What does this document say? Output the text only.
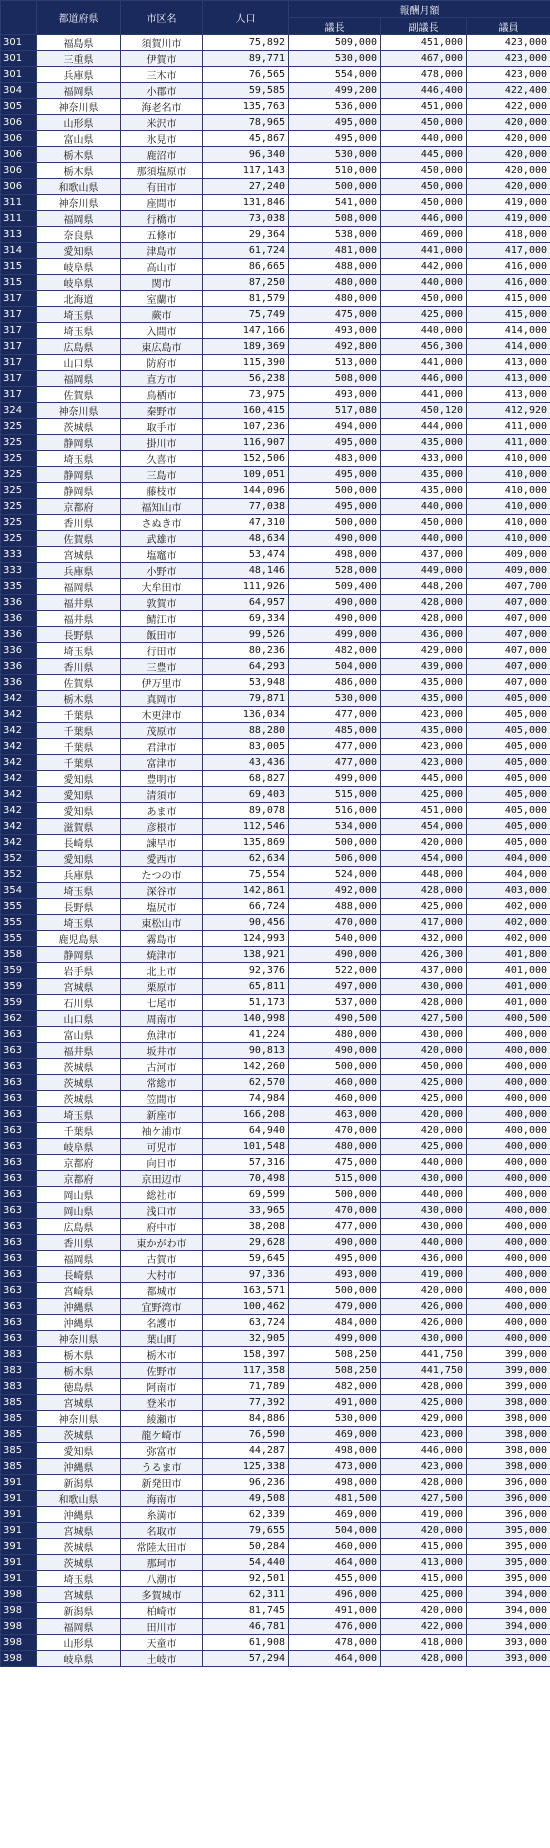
	都道府県	市区名	人口	報酬月額		
				議長	副議長	議員
301	福島県	須賀川市	75,892	509,000	451,000	423,000
301	三重県	伊賀市	89,771	530,000	467,000	423,000
301	兵庫県	三木市	76,565	554,000	478,000	423,000
304	福岡県	小郡市	59,585	499,200	446,400	422,400
305	神奈川県	海老名市	135,763	536,000	451,000	422,000
306	山形県	米沢市	78,965	495,000	450,000	420,000
306	富山県	氷見市	45,867	495,000	440,000	420,000
306	栃木県	鹿沼市	96,340	530,000	445,000	420,000
306	栃木県	那須塩原市	117,143	510,000	450,000	420,000
306	和歌山県	有田市	27,240	500,000	450,000	420,000
311	神奈川県	座間市	131,846	541,000	450,000	419,000
311	福岡県	行橋市	73,038	508,000	446,000	419,000
313	奈良県	五條市	29,364	538,000	469,000	418,000
314	愛知県	津島市	61,724	481,000	441,000	417,000
315	岐阜県	高山市	86,665	488,000	442,000	416,000
315	岐阜県	関市	87,250	480,000	440,000	416,000
317	北海道	室蘭市	81,579	480,000	450,000	415,000
317	埼玉県	蕨市	75,749	475,000	425,000	415,000
317	埼玉県	入間市	147,166	493,000	440,000	414,000
317	広島県	東広島市	189,369	492,800	456,300	414,000
317	山口県	防府市	115,390	513,000	441,000	413,000
317	福岡県	直方市	56,238	508,000	446,000	413,000
317	佐賀県	鳥栖市	73,975	493,000	441,000	413,000
324	神奈川県	秦野市	160,415	517,080	450,120	412,920
325	茨城県	取手市	107,236	494,000	444,000	411,000
325	静岡県	掛川市	116,907	495,000	435,000	411,000
325	埼玉県	久喜市	152,506	483,000	433,000	410,000
325	静岡県	三島市	109,051	495,000	435,000	410,000
325	静岡県	藤枝市	144,096	500,000	435,000	410,000
325	京都府	福知山市	77,038	495,000	440,000	410,000
325	香川県	さぬき市	47,310	500,000	450,000	410,000
325	佐賀県	武雄市	48,634	490,000	440,000	410,000
333	宮城県	塩竈市	53,474	498,000	437,000	409,000
333	兵庫県	小野市	48,146	528,000	449,000	409,000
335	福岡県	大牟田市	111,926	509,400	448,200	407,700
336	福井県	敦賀市	64,957	490,000	428,000	407,000
336	福井県	鯖江市	69,334	490,000	428,000	407,000
336	長野県	飯田市	99,526	499,000	436,000	407,000
336	埼玉県	行田市	80,236	482,000	429,000	407,000
336	香川県	三豊市	64,293	504,000	439,000	407,000
336	佐賀県	伊万里市	53,948	486,000	435,000	407,000
342	栃木県	真岡市	79,871	530,000	435,000	405,000
342	千葉県	木更津市	136,034	477,000	423,000	405,000
342	千葉県	茂原市	88,280	485,000	435,000	405,000
342	千葉県	君津市	83,005	477,000	423,000	405,000
342	千葉県	富津市	43,436	477,000	423,000	405,000
342	愛知県	豊明市	68,827	499,000	445,000	405,000
342	愛知県	清須市	69,403	515,000	425,000	405,000
342	愛知県	あま市	89,078	516,000	451,000	405,000
342	滋賀県	彦根市	112,546	534,000	454,000	405,000
342	長崎県	諫早市	135,869	500,000	420,000	405,000
352	愛知県	愛西市	62,634	506,000	454,000	404,000
352	兵庫県	たつの市	75,554	524,000	448,000	404,000
354	埼玉県	深谷市	142,861	492,000	428,000	403,000
355	長野県	塩尻市	66,724	488,000	425,000	402,000
355	埼玉県	東松山市	90,456	470,000	417,000	402,000
355	鹿児島県	霧島市	124,993	540,000	432,000	402,000
358	静岡県	焼津市	138,921	490,000	426,300	401,800
359	岩手県	北上市	92,376	522,000	437,000	401,000
359	宮城県	栗原市	65,811	497,000	430,000	401,000
359	石川県	七尾市	51,173	537,000	428,000	401,000
362	山口県	周南市	140,998	490,500	427,500	400,500
363	富山県	魚津市	41,224	480,000	430,000	400,000
363	福井県	坂井市	90,813	490,000	420,000	400,000
363	茨城県	古河市	142,260	500,000	450,000	400,000
363	茨城県	常総市	62,570	460,000	425,000	400,000
363	茨城県	笠間市	74,984	460,000	425,000	400,000
363	埼玉県	新座市	166,208	463,000	420,000	400,000
363	千葉県	袖ケ浦市	64,940	470,000	420,000	400,000
363	岐阜県	可児市	101,548	480,000	425,000	400,000
363	京都府	向日市	57,316	475,000	440,000	400,000
363	京都府	京田辺市	70,498	515,000	430,000	400,000
363	岡山県	総社市	69,599	500,000	440,000	400,000
363	岡山県	浅口市	33,965	470,000	430,000	400,000
363	広島県	府中市	38,208	477,000	430,000	400,000
363	香川県	東かがわ市	29,628	490,000	440,000	400,000
363	福岡県	古賀市	59,645	495,000	436,000	400,000
363	長崎県	大村市	97,336	493,000	419,000	400,000
363	宮崎県	都城市	163,571	500,000	420,000	400,000
363	沖縄県	宜野湾市	100,462	479,000	426,000	400,000
363	沖縄県	名護市	63,724	484,000	426,000	400,000
363	神奈川県	葉山町	32,905	499,000	430,000	400,000
383	栃木県	栃木市	158,397	508,250	441,750	399,000
383	栃木県	佐野市	117,358	508,250	441,750	399,000
383	徳島県	阿南市	71,789	482,000	428,000	399,000
385	宮城県	登米市	77,392	491,000	425,000	398,000
385	神奈川県	綾瀬市	84,886	530,000	429,000	398,000
385	茨城県	龍ケ崎市	76,590	469,000	423,000	398,000
385	愛知県	弥富市	44,287	498,000	446,000	398,000
385	沖縄県	うるま市	125,338	473,000	423,000	398,000
391	新潟県	新発田市	96,236	498,000	428,000	396,000
391	和歌山県	海南市	49,508	481,500	427,500	396,000
391	沖縄県	糸満市	62,339	469,000	419,000	396,000
391	宮城県	名取市	79,655	504,000	420,000	395,000
391	茨城県	常陸太田市	50,284	460,000	415,000	395,000
391	茨城県	那珂市	54,440	464,000	413,000	395,000
391	埼玉県	八潮市	92,501	455,000	415,000	395,000
398	宮城県	多賀城市	62,311	496,000	425,000	394,000
398	新潟県	柏崎市	81,745	491,000	420,000	394,000
398	福岡県	田川市	46,781	476,000	422,000	394,000
398	山形県	天童市	61,908	478,000	418,000	393,000
398	岐阜県	土岐市	57,294	464,000	428,000	393,000
